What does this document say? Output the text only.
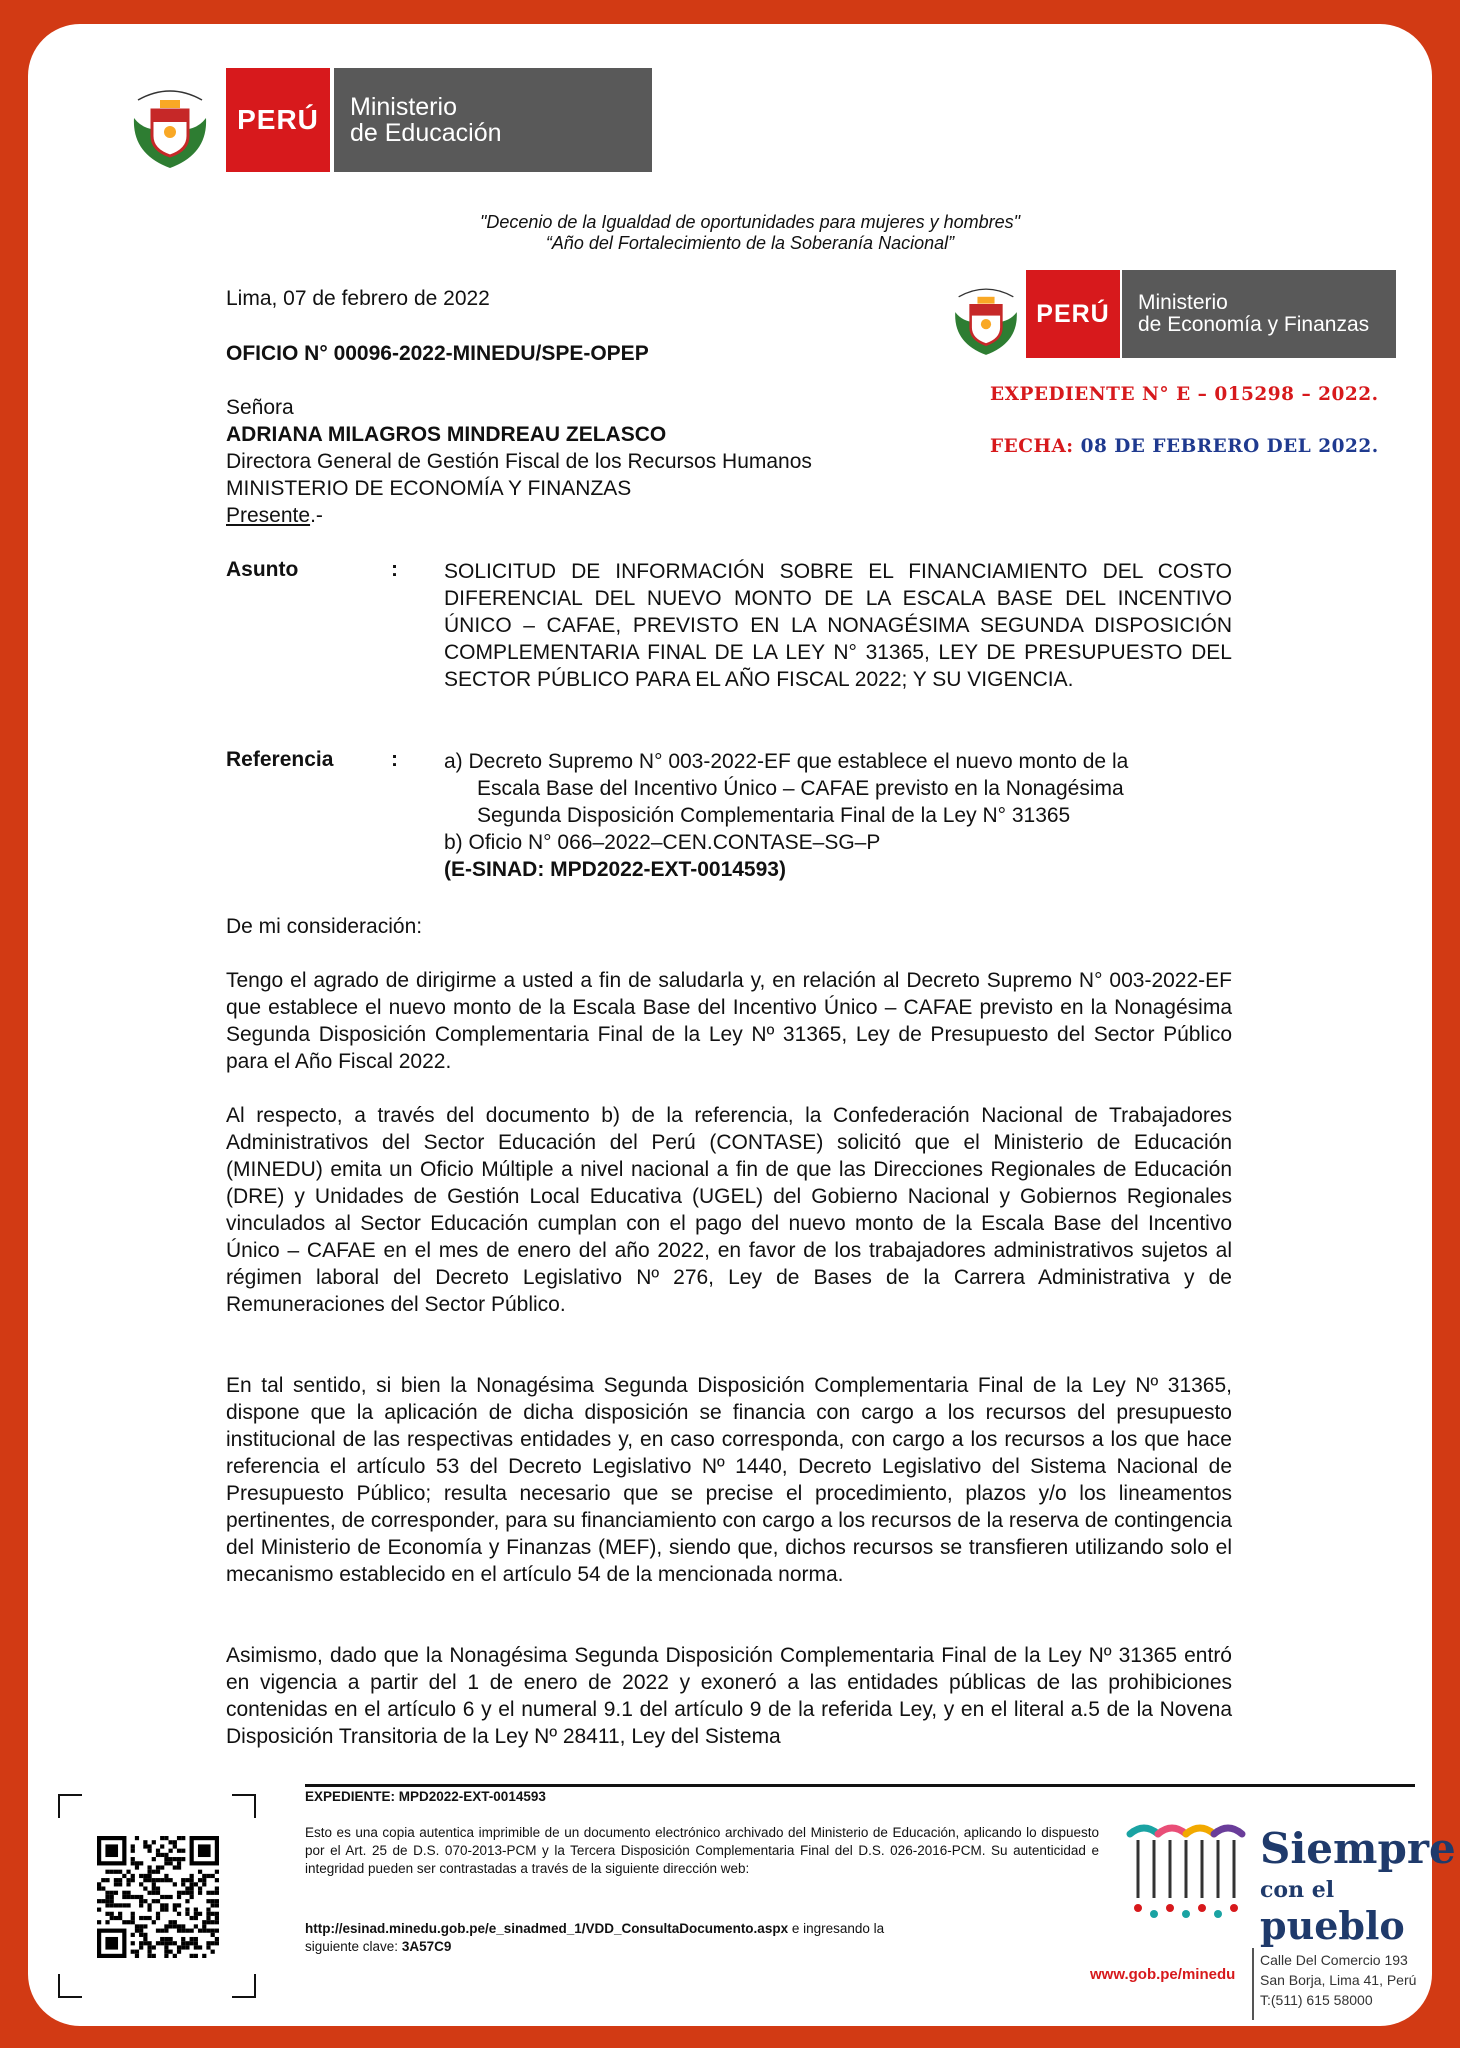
PERÚ	Ministerio
de Educación
"Decenio de la Igualdad de oportunidades para mujeres y hombres"
“Año del Fortalecimiento de la Soberanía Nacional”
PERÚ	Ministerio
de Economía y Finanzas
EXPEDIENTE N° E – 015298 – 2022.
FECHA: 08 DE FEBRERO DEL 2022.
Lima, 07 de febrero de 2022
OFICIO N° 00096-2022-MINEDU/SPE-OPEP
Señora
ADRIANA MILAGROS MINDREAU ZELASCO
Directora General de Gestión Fiscal de los Recursos Humanos
MINISTERIO DE ECONOMÍA Y FINANZAS
Presente.-
Asunto	: SOLICITUD DE INFORMACIÓN SOBRE EL FINANCIAMIENTO DEL COSTO DIFERENCIAL DEL NUEVO MONTO DE LA ESCALA BASE DEL INCENTIVO ÚNICO – CAFAE, PREVISTO EN LA NONAGÉSIMA SEGUNDA DISPOSICIÓN COMPLEMENTARIA FINAL DE LA LEY N° 31365, LEY DE PRESUPUESTO DEL SECTOR PÚBLICO PARA EL AÑO FISCAL 2022; Y SU VIGENCIA.
Referencia	: a) Decreto Supremo N° 003-2022-EF que establece el nuevo monto de la
Escala Base del Incentivo Único – CAFAE previsto en la Nonagésima
Segunda Disposición Complementaria Final de la Ley N° 31365
b) Oficio N° 066–2022–CEN.CONTASE–SG–P
(E-SINAD: MPD2022-EXT-0014593)
De mi consideración:
Tengo el agrado de dirigirme a usted a fin de saludarla y, en relación al Decreto Supremo N° 003-2022-EF que establece el nuevo monto de la Escala Base del Incentivo Único – CAFAE previsto en la Nonagésima Segunda Disposición Complementaria Final de la Ley Nº 31365, Ley de Presupuesto del Sector Público para el Año Fiscal 2022.
Al respecto, a través del documento b) de la referencia, la Confederación Nacional de Trabajadores Administrativos del Sector Educación del Perú (CONTASE) solicitó que el Ministerio de Educación (MINEDU) emita un Oficio Múltiple a nivel nacional a fin de que las Direcciones Regionales de Educación (DRE) y Unidades de Gestión Local Educativa (UGEL) del Gobierno Nacional y Gobiernos Regionales vinculados al Sector Educación cumplan con el pago del nuevo monto de la Escala Base del Incentivo Único – CAFAE en el mes de enero del año 2022, en favor de los trabajadores administrativos sujetos al régimen laboral del Decreto Legislativo Nº 276, Ley de Bases de la Carrera Administrativa y de Remuneraciones del Sector Público.
En tal sentido, si bien la Nonagésima Segunda Disposición Complementaria Final de la Ley Nº 31365, dispone que la aplicación de dicha disposición se financia con cargo a los recursos del presupuesto institucional de las respectivas entidades y, en caso corresponda, con cargo a los recursos a los que hace referencia el artículo 53 del Decreto Legislativo Nº 1440, Decreto Legislativo del Sistema Nacional de Presupuesto Público; resulta necesario que se precise el procedimiento, plazos y/o los lineamentos pertinentes, de corresponder, para su financiamiento con cargo a los recursos de la reserva de contingencia del Ministerio de Economía y Finanzas (MEF), siendo que, dichos recursos se transfieren utilizando solo el mecanismo establecido en el artículo 54 de la mencionada norma.
Asimismo, dado que la Nonagésima Segunda Disposición Complementaria Final de la Ley Nº 31365 entró en vigencia a partir del 1 de enero de 2022 y exoneró a las entidades públicas de las prohibiciones contenidas en el artículo 6 y el numeral 9.1 del artículo 9 de la referida Ley, y en el literal a.5 de la Novena Disposición Transitoria de la Ley Nº 28411, Ley del Sistema
EXPEDIENTE: MPD2022-EXT-0014593
Esto es una copia autentica imprimible de un documento electrónico archivado del Ministerio de Educación, aplicando lo dispuesto por el Art. 25 de D.S. 070-2013-PCM y la Tercera Disposición Complementaria Final del D.S. 026-2016-PCM. Su autenticidad e integridad pueden ser contrastadas a través de la siguiente dirección web:
http://esinad.minedu.gob.pe/e_sinadmed_1/VDD_ConsultaDocumento.aspx e ingresando la
siguiente clave: 3A57C9
Siempre
con el pueblo
www.gob.pe/minedu
Calle Del Comercio 193
San Borja, Lima 41, Perú
T:(511) 615 58000
